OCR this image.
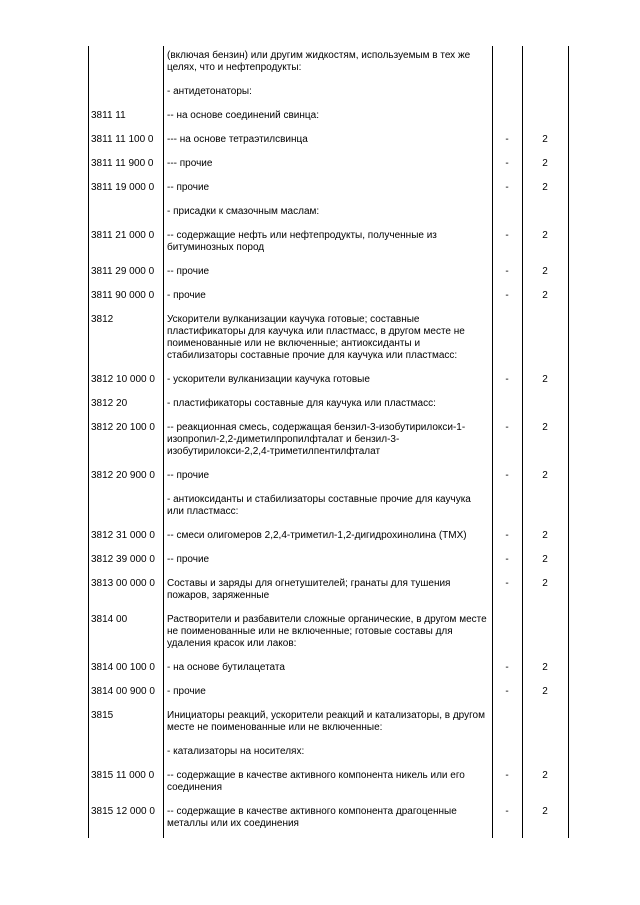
	(включая бензин) или другим жидкостям, используемым в тех же целях, что и нефтепродукты:		
	- антидетонаторы:		
3811 11	-- на основе соединений свинца:		
3811 11 100 0	--- на основе тетраэтилсвинца	-	2
3811 11 900 0	--- прочие	-	2
3811 19 000 0	-- прочие	-	2
	- присадки к смазочным маслам:		
3811 21 000 0	-- содержащие нефть или нефтепродукты, полученные из битуминозных пород	-	2
3811 29 000 0	-- прочие	-	2
3811 90 000 0	- прочие	-	2
3812	Ускорители вулканизации каучука готовые; составные пластификаторы для каучука или пластмасс, в другом месте не поименованные или не включенные; антиоксиданты и стабилизаторы составные прочие для каучука или пластмасс:		
3812 10 000 0	- ускорители вулканизации каучука готовые	-	2
3812 20	- пластификаторы составные для каучука или пластмасс:		
3812 20 100 0	-- реакционная смесь, содержащая бензил-3-изобутирилокси-1-изопропил-2,2-диметилпропилфталат и бензил-3-изобутирилокси-2,2,4-триметилпентилфталат	-	2
3812 20 900 0	-- прочие	-	2
	- антиоксиданты и стабилизаторы составные прочие для каучука или пластмасс:		
3812 31 000 0	-- смеси олигомеров 2,2,4-триметил-1,2-дигидрохинолина (ТМХ)	-	2
3812 39 000 0	-- прочие	-	2
3813 00 000 0	Составы и заряды для огнетушителей; гранаты для тушения пожаров, заряженные	-	2
3814 00	Растворители и разбавители сложные органические, в другом месте не поименованные или не включенные; готовые составы для удаления красок или лаков:		
3814 00 100 0	- на основе бутилацетата	-	2
3814 00 900 0	- прочие	-	2
3815	Инициаторы реакций, ускорители реакций и катализаторы, в другом месте не поименованные или не включенные:		
	- катализаторы на носителях:		
3815 11 000 0	-- содержащие в качестве активного компонента никель или его соединения	-	2
3815 12 000 0	-- содержащие в качестве активного компонента драгоценные металлы или их соединения	-	2
